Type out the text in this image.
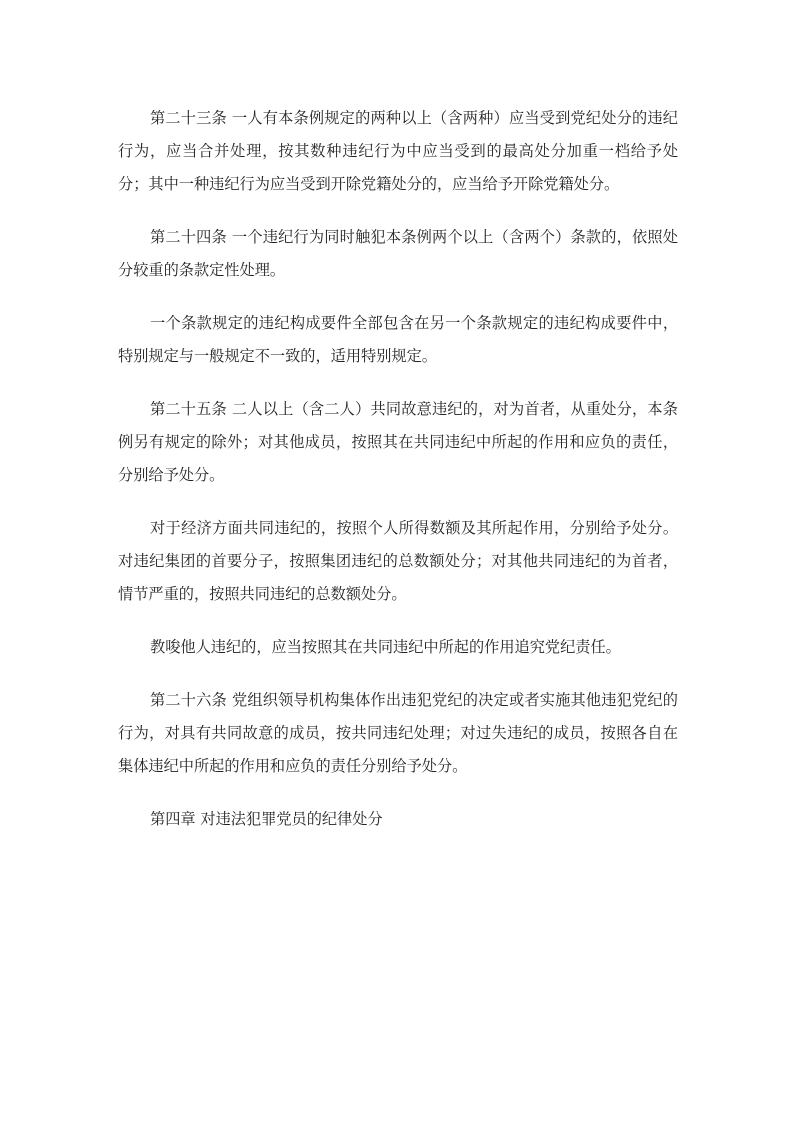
第二十三条 一人有本条例规定的两种以上（含两种）应当受到党纪处分的违纪行为，应当合并处理，按其数种违纪行为中应当受到的最高处分加重一档给予处分；其中一种违纪行为应当受到开除党籍处分的，应当给予开除党籍处分。

第二十四条 一个违纪行为同时触犯本条例两个以上（含两个）条款的，依照处分较重的条款定性处理。

一个条款规定的违纪构成要件全部包含在另一个条款规定的违纪构成要件中，特别规定与一般规定不一致的，适用特别规定。

第二十五条 二人以上（含二人）共同故意违纪的，对为首者，从重处分，本条例另有规定的除外；对其他成员，按照其在共同违纪中所起的作用和应负的责任，分别给予处分。

对于经济方面共同违纪的，按照个人所得数额及其所起作用，分别给予处分。对违纪集团的首要分子，按照集团违纪的总数额处分；对其他共同违纪的为首者，情节严重的，按照共同违纪的总数额处分。

教唆他人违纪的，应当按照其在共同违纪中所起的作用追究党纪责任。

第二十六条 党组织领导机构集体作出违犯党纪的决定或者实施其他违犯党纪的行为，对具有共同故意的成员，按共同违纪处理；对过失违纪的成员，按照各自在集体违纪中所起的作用和应负的责任分别给予处分。

第四章 对违法犯罪党员的纪律处分
